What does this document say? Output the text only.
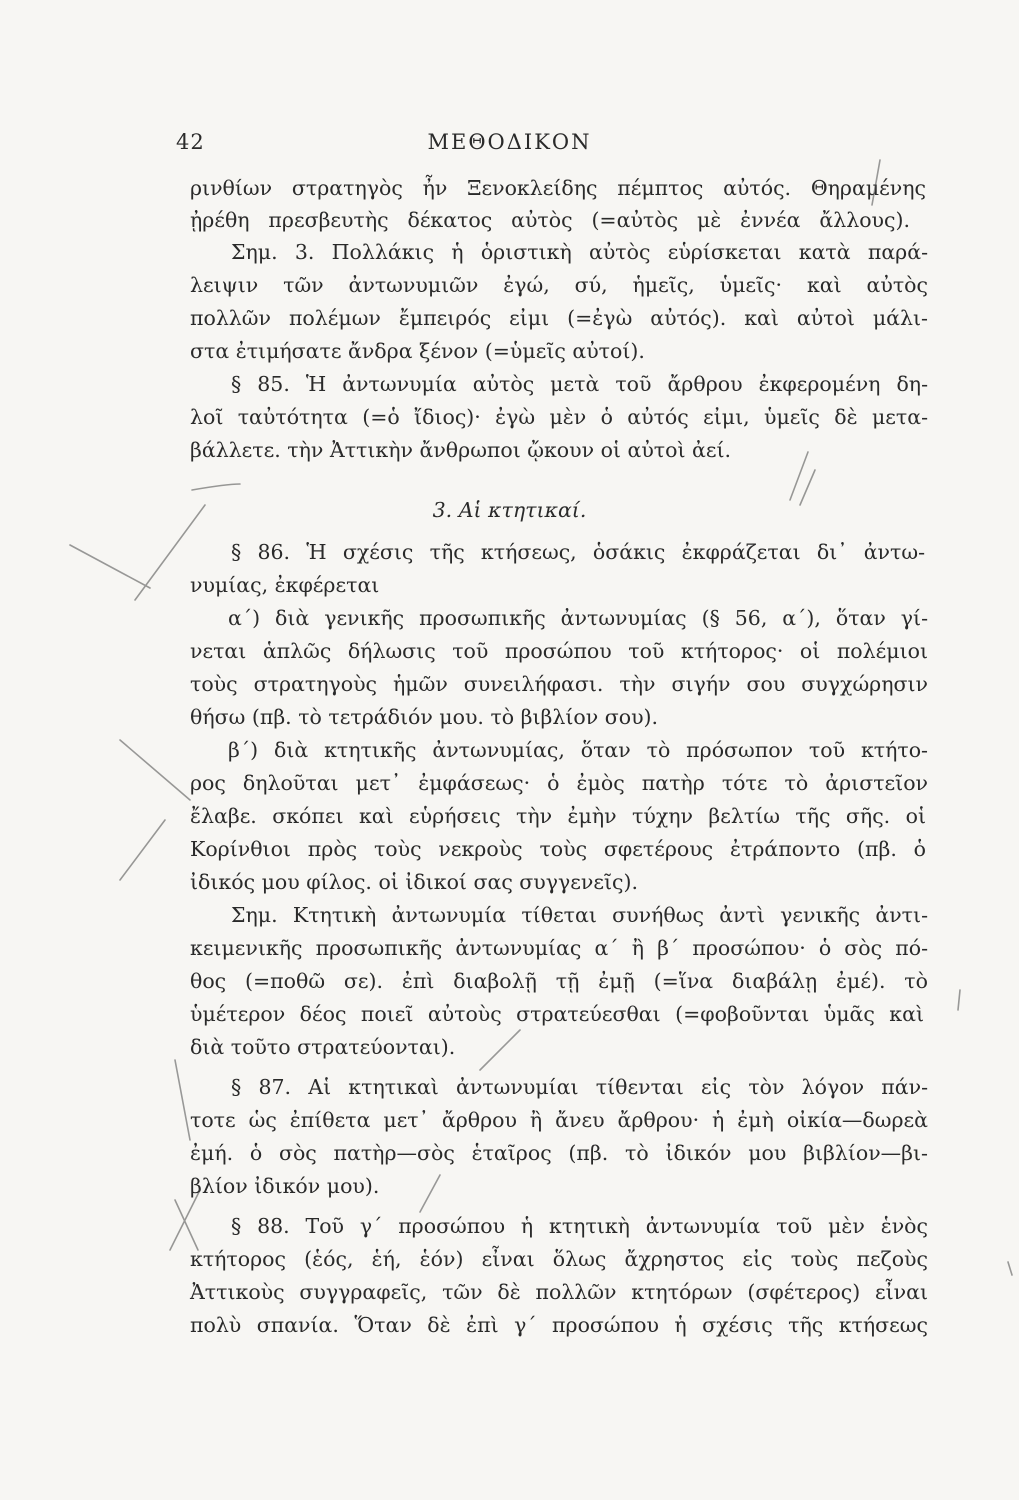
42	ΜΕΘΟΔΙΚΟΝ
ρινθίων στρατηγὸς ἦν Ξενοκλείδης πέμπτος αὐτός. Θηραμένης
ᾐρέθη πρεσβευτὴς δέκατος αὐτὸς (=αὐτὸς μὲ ἐννέα ἄλλους).
Σημ. 3. Πολλάκις ἡ ὁριστικὴ αὐτὸς εὑρίσκεται κατὰ παρά-
λειψιν τῶν ἀντωνυμιῶν ἐγώ, σύ, ἡμεῖς, ὑμεῖς· καὶ αὐτὸς
πολλῶν πολέμων ἔμπειρός εἰμι (=ἐγὼ αὐτός). καὶ αὐτοὶ μάλι-
στα ἐτιμήσατε ἄνδρα ξένον (=ὑμεῖς αὐτοί).
§ 85. Ἡ ἀντωνυμία αὐτὸς μετὰ τοῦ ἄρθρου ἐκφερομένη δη-
λοῖ ταὐτότητα (=ὁ ἴδιος)· ἐγὼ μὲν ὁ αὐτός εἰμι, ὑμεῖς δὲ μετα-
βάλλετε. τὴν Ἀττικὴν ἄνθρωποι ᾤκουν οἱ αὐτοὶ ἀεί.
3. Αἱ κτητικαί.
§ 86. Ἡ σχέσις τῆς κτήσεως, ὁσάκις ἐκφράζεται δι᾿ ἀντω-
νυμίας, ἐκφέρεται
α΄) διὰ γενικῆς προσωπικῆς ἀντωνυμίας (§ 56, α΄), ὅταν γί-
νεται ἁπλῶς δήλωσις τοῦ προσώπου τοῦ κτήτορος· οἱ πολέμιοι
τοὺς στρατηγοὺς ἡμῶν συνειλήφασι. τὴν σιγήν σου συγχώρησιν
θήσω (πβ. τὸ τετράδιόν μου. τὸ βιβλίον σου).
β΄) διὰ κτητικῆς ἀντωνυμίας, ὅταν τὸ πρόσωπον τοῦ κτήτο-
ρος δηλοῦται μετ᾿ ἐμφάσεως· ὁ ἐμὸς πατὴρ τότε τὸ ἀριστεῖον
ἔλαβε. σκόπει καὶ εὑρήσεις τὴν ἐμὴν τύχην βελτίω τῆς σῆς. οἱ
Κορίνθιοι πρὸς τοὺς νεκροὺς τοὺς σφετέρους ἐτράποντο (πβ. ὁ
ἰδικός μου φίλος. οἱ ἰδικοί σας συγγενεῖς).
Σημ. Κτητικὴ ἀντωνυμία τίθεται συνήθως ἀντὶ γενικῆς ἀντι-
κειμενικῆς προσωπικῆς ἀντωνυμίας α΄ ἢ β΄ προσώπου· ὁ σὸς πό-
θος (=ποθῶ σε). ἐπὶ διαβολῇ τῇ ἐμῇ (=ἵνα διαβάλῃ ἐμέ). τὸ
ὑμέτερον δέος ποιεῖ αὐτοὺς στρατεύεσθαι (=φοβοῦνται ὑμᾶς καὶ
διὰ τοῦτο στρατεύονται).
§ 87. Αἱ κτητικαὶ ἀντωνυμίαι τίθενται εἰς τὸν λόγον πάν-
τοτε ὡς ἐπίθετα μετ᾿ ἄρθρου ἢ ἄνευ ἄρθρου· ἡ ἐμὴ οἰκία—δωρεὰ
ἐμή. ὁ σὸς πατὴρ—σὸς ἑταῖρος (πβ. τὸ ἰδικόν μου βιβλίον—βι-
βλίον ἰδικόν μου).
§ 88. Τοῦ γ΄ προσώπου ἡ κτητικὴ ἀντωνυμία τοῦ μὲν ἑνὸς
κτήτορος (ἑός, ἑή, ἑόν) εἶναι ὅλως ἄχρηστος εἰς τοὺς πεζοὺς
Ἀττικοὺς συγγραφεῖς, τῶν δὲ πολλῶν κτητόρων (σφέτερος) εἶναι
πολὺ σπανία. Ὅταν δὲ ἐπὶ γ΄ προσώπου ἡ σχέσις τῆς κτήσεως
